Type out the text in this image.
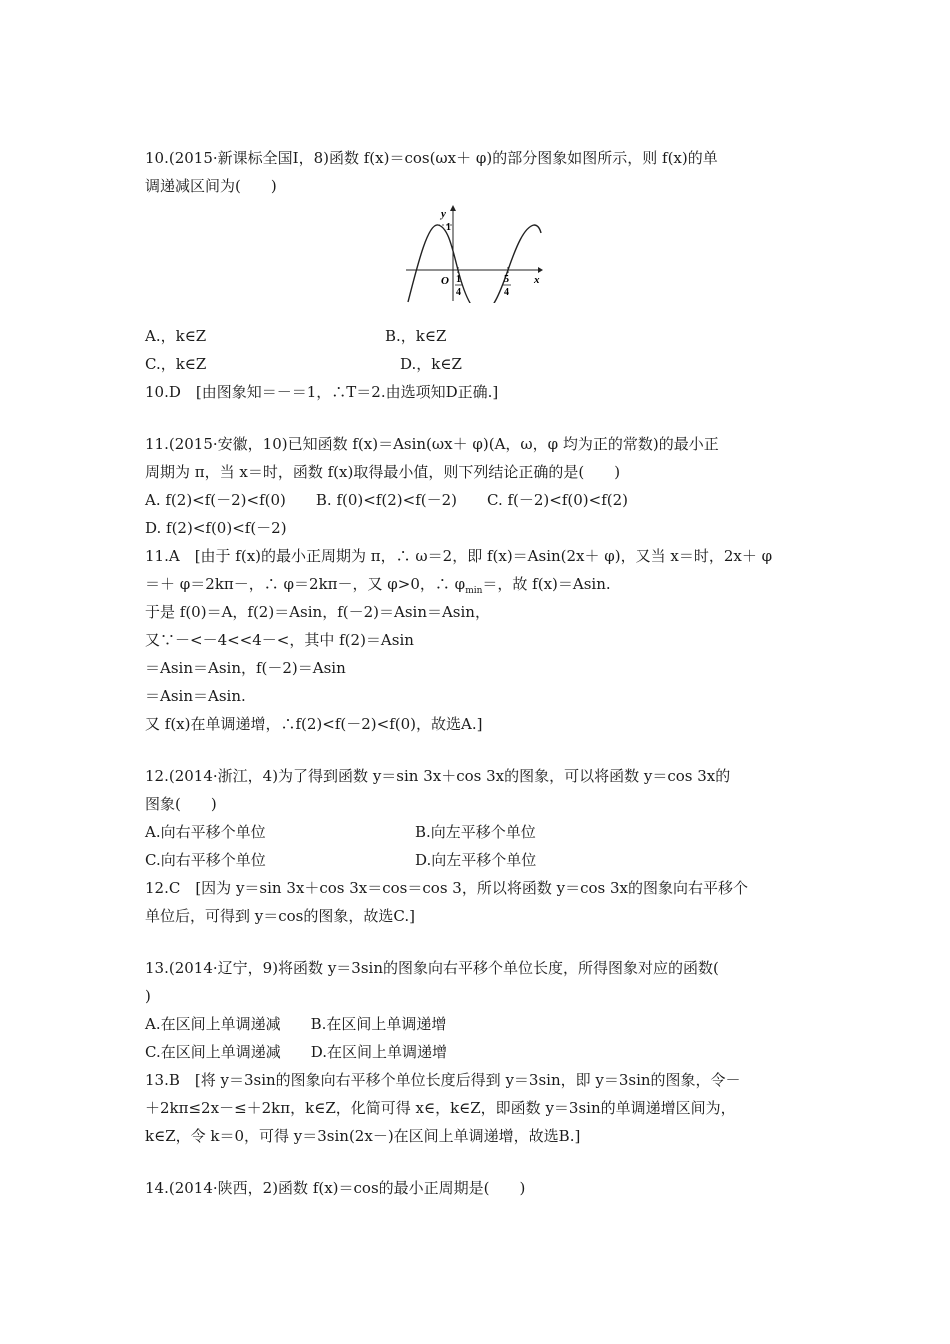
10.(2015·新课标全国Ⅰ，8)函数 f(x)＝cos(ωx＋ φ)的部分图象如图所示，则 f(x)的单
调递减区间为(　　)
y
x
O
1
1
4
5
4
A.，k∈Z	B.，k∈Z
C.，k∈Z	D.，k∈Z
10.D　[由图象知＝－＝1，∴T＝2.由选项知D正确.]
11.(2015·安徽，10)已知函数 f(x)＝Asin(ωx＋ φ)(A，ω，φ 均为正的常数)的最小正
周期为 π，当 x＝时，函数 f(x)取得最小值，则下列结论正确的是(　　)
A. f(2)<f(－2)<f(0)　　B. f(0)<f(2)<f(－2)　　C. f(－2)<f(0)<f(2)
D. f(2)<f(0)<f(－2)
11.A　[由于 f(x)的最小正周期为 π，∴ ω＝2，即 f(x)＝Asin(2x＋ φ)，又当 x＝时，2x＋ φ
＝＋ φ＝2kπ－，∴ φ＝2kπ－，又 φ>0，∴ $\varphi_{min}=$，故 f(x)＝Asin.
于是 f(0)＝A，f(2)＝Asin，f(－2)＝Asin＝Asin，
又∵－<－4<<4－<，其中 f(2)＝Asin
＝Asin＝Asin，f(－2)＝Asin
＝Asin＝Asin.
又 f(x)在单调递增，∴f(2)<f(－2)<f(0)，故选A.]
12.(2014·浙江，4)为了得到函数 y＝sin 3x＋cos 3x的图象，可以将函数 y＝cos 3x的
图象(　　)
A.向右平移个单位	B.向左平移个单位
C.向右平移个单位	D.向左平移个单位
12.C　[因为 y＝sin 3x＋cos 3x＝cos＝cos 3，所以将函数 y＝cos 3x的图象向右平移个
单位后，可得到 y＝cos的图象，故选C.]
13.(2014·辽宁，9)将函数 y＝3sin的图象向右平移个单位长度，所得图象对应的函数(
)
A.在区间上单调递减　　B.在区间上单调递增
C.在区间上单调递减　　D.在区间上单调递增
13.B　[将 y＝3sin的图象向右平移个单位长度后得到 y＝3sin，即 y＝3sin的图象，令－
＋2kπ≤2x－≤＋2kπ，k∈Z，化简可得 x∈，k∈Z，即函数 y＝3sin的单调递增区间为，
k∈Z，令 k＝0，可得 y＝3sin(2x－)在区间上单调递增，故选B.]
14.(2014·陕西，2)函数 f(x)＝cos的最小正周期是(　　)
